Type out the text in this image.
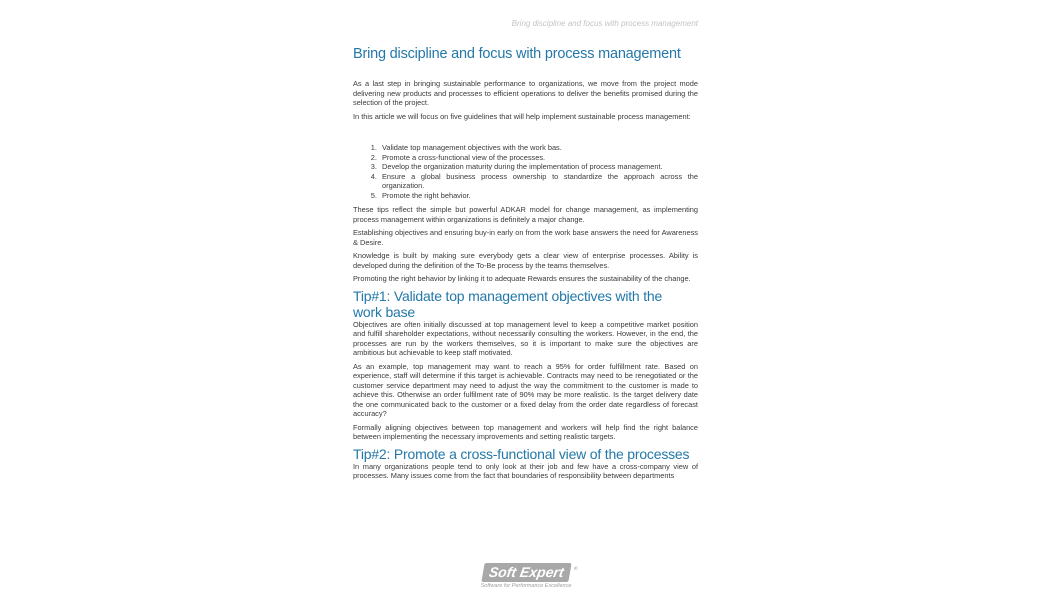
Bring discipline and focus with process management
Bring discipline and focus with process management

As a last step in bringing sustainable performance to organizations, we move from the project mode delivering new products and processes to efficient operations to deliver the benefits promised during the selection of the project.

In this article we will focus on five guidelines that will help implement sustainable process management:

1. Validate top management objectives with the work bas.
2. Promote a cross-functional view of the processes.
3. Develop the organization maturity during the implementation of process management.
4. Ensure a global business process ownership to standardize the approach across the organization.
5. Promote the right behavior.

These tips reflect the simple but powerful ADKAR model for change management, as implementing process management within organizations is definitely a major change.

Establishing objectives and ensuring buy-in early on from the work base answers the need for Awareness & Desire.

Knowledge is built by making sure everybody gets a clear view of enterprise processes. Ability is developed during the definition of the To-Be process by the teams themselves.

Promoting the right behavior by linking it to adequate Rewards ensures the sustainability of the change.

Tip#1: Validate top management objectives with the work base

Objectives are often initially discussed at top management level to keep a competitive market position and fulfill shareholder expectations, without necessarily consulting the workers. However, in the end, the processes are run by the workers themselves, so it is important to make sure the objectives are ambitious but achievable to keep staff motivated.

As an example, top management may want to reach a 95% for order fulfillment rate. Based on experience, staff will determine if this target is achievable. Contracts may need to be renegotiated or the customer service department may need to adjust the way the commitment to the customer is made to achieve this. Otherwise an order fulfilment rate of 90% may be more realistic. Is the target delivery date the one communicated back to the customer or a fixed delay from the order date regardless of forecast accuracy?

Formally aligning objectives between top management and workers will help find the right balance between implementing the necessary improvements and setting realistic targets.

Tip#2: Promote a cross-functional view of the processes

In many organizations people tend to only look at their job and few have a cross-company view of processes. Many issues come from the fact that boundaries of responsibility between departments

Soft Expert ®
Software for Performance Excellence
